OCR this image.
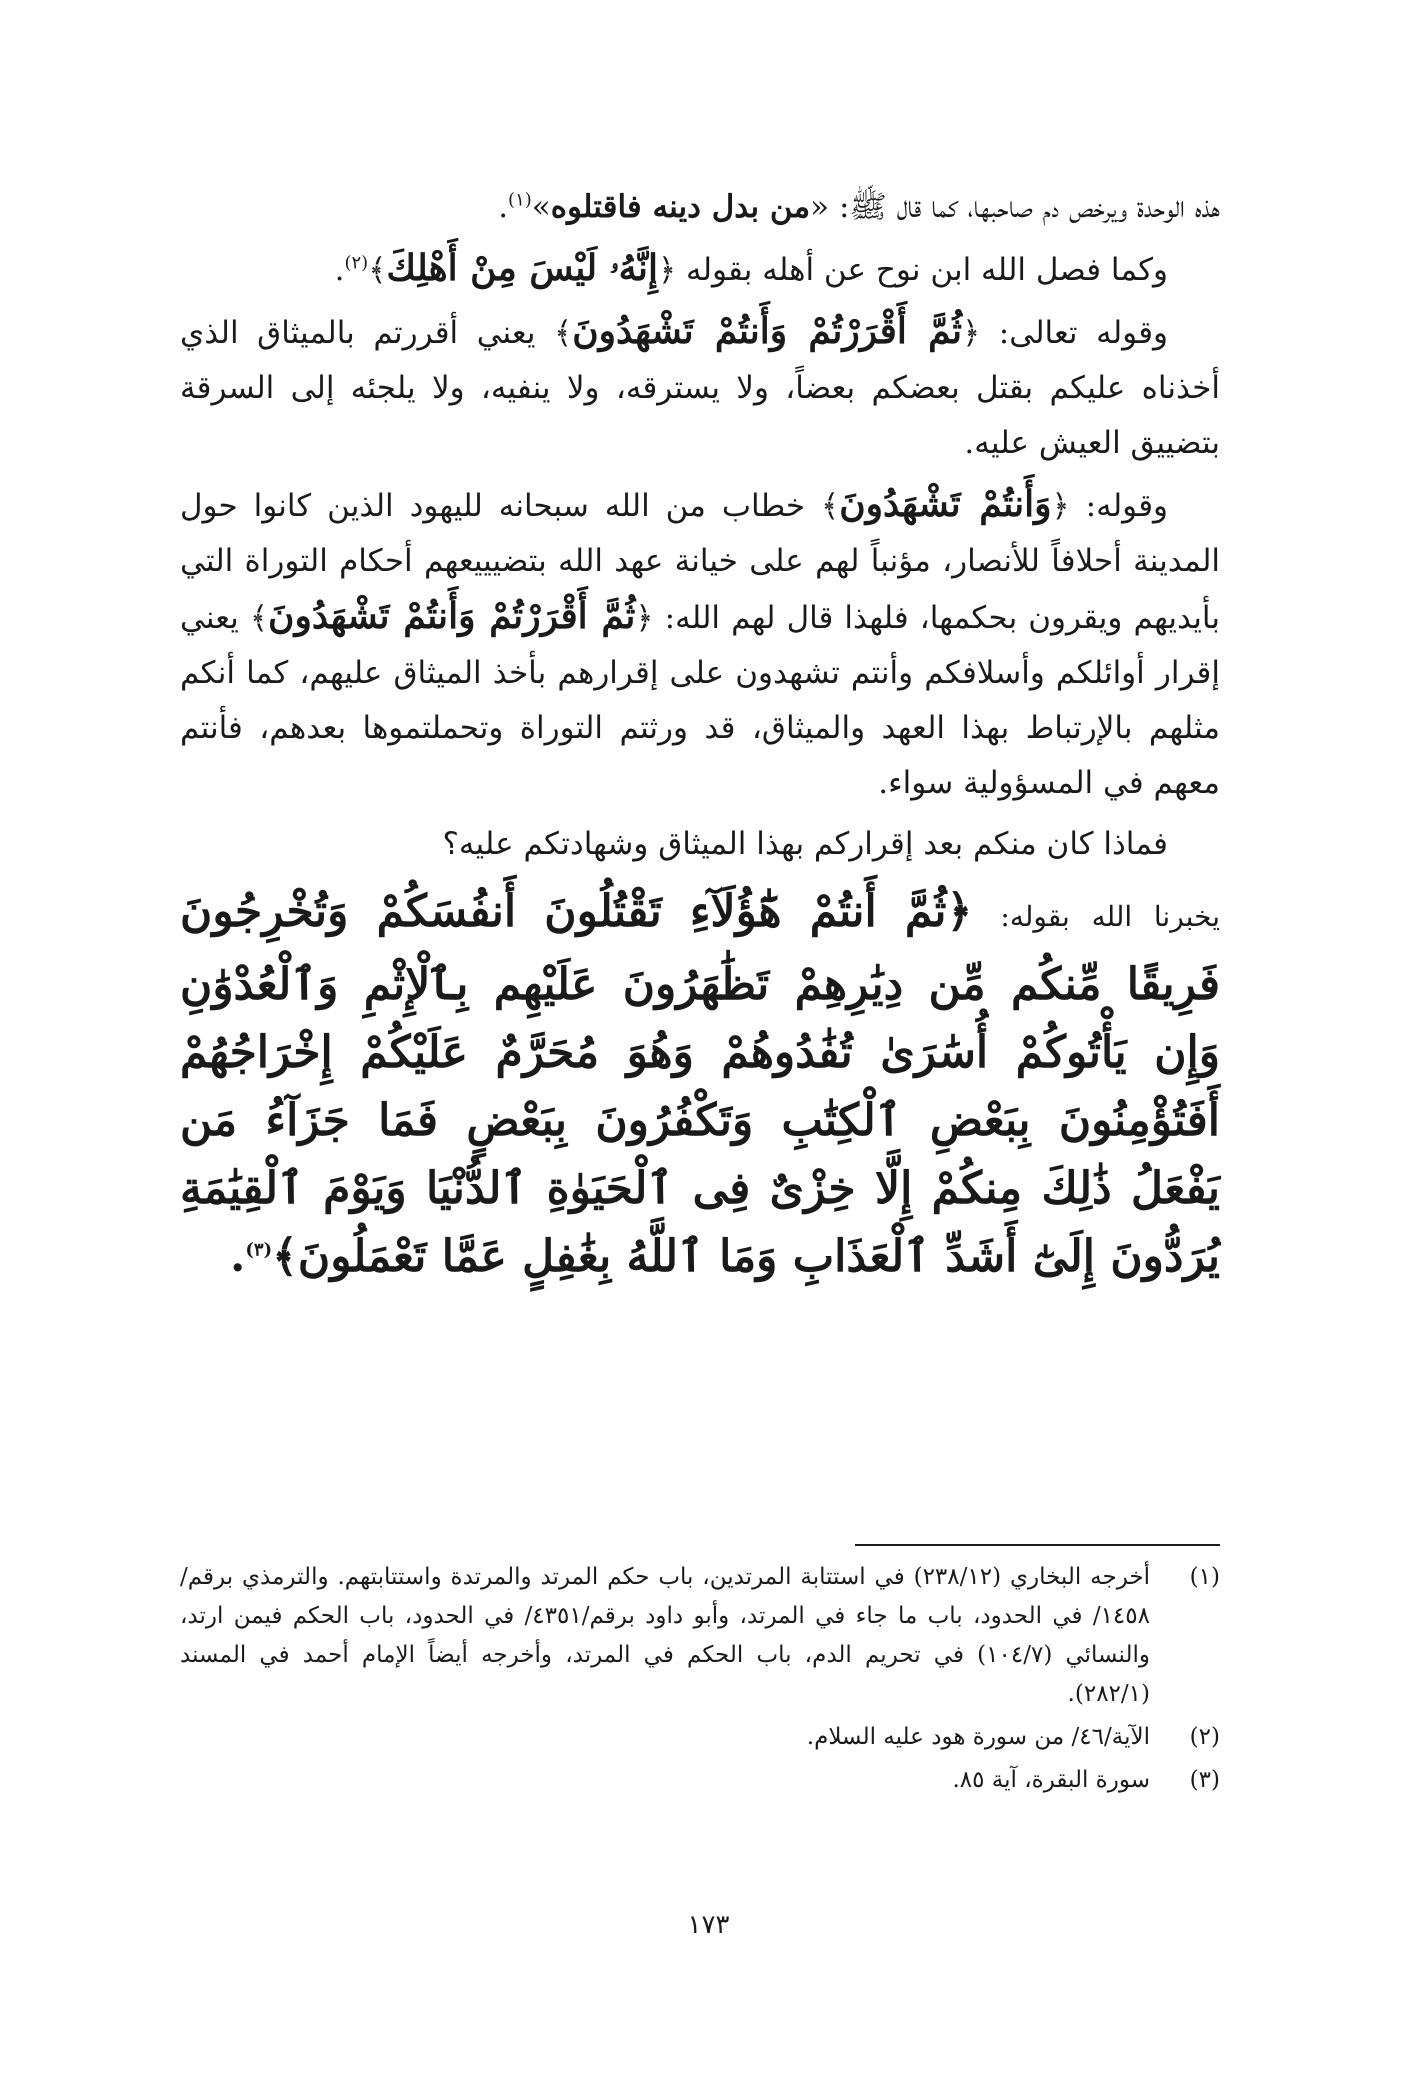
هذه الوحدة ويرخص دم صاحبها، كما قال ﷺ: «من بدل دينه فاقتلوه»$^{(١)}$.

وكما فصل الله ابن نوح عن أهله بقوله ﴿إِنَّهُۥ لَيْسَ مِنْ أَهْلِكَ﴾$^{(٢)}$.

وقوله تعالى: ﴿ثُمَّ أَقْرَرْتُمْ وَأَنتُمْ تَشْهَدُونَ﴾ يعني أقررتم بالميثاق الذي أخذناه عليكم بقتل بعضكم بعضاً، ولا يسترقه، ولا ينفيه، ولا يلجئه إلى السرقة بتضييق العيش عليه.

وقوله: ﴿وَأَنتُمْ تَشْهَدُونَ﴾ خطاب من الله سبحانه لليهود الذين كانوا حول المدينة أحلافاً للأنصار، مؤنباً لهم على خيانة عهد الله بتضيييعهم أحكام التوراة التي بأيديهم ويقرون بحكمها، فلهذا قال لهم الله: ﴿ثُمَّ أَقْرَرْتُمْ وَأَنتُمْ تَشْهَدُونَ﴾ يعني إقرار أوائلكم وأسلافكم وأنتم تشهدون على إقرارهم بأخذ الميثاق عليهم، كما أنكم مثلهم بالإرتباط بهذا العهد والميثاق، قد ورثتم التوراة وتحملتموها بعدهم، فأنتم معهم في المسؤولية سواء.

فماذا كان منكم بعد إقراركم بهذا الميثاق وشهادتكم عليه؟

يخبرنا الله بقوله: ﴿ثُمَّ أَنتُمْ هَٰٓؤُلَآءِ تَقْتُلُونَ أَنفُسَكُمْ وَتُخْرِجُونَ فَرِيقًا مِّنكُم مِّن دِيَٰرِهِمْ تَظَٰهَرُونَ عَلَيْهِم بِٱلْإِثْمِ وَٱلْعُدْوَٰنِ وَإِن يَأْتُوكُمْ أُسَٰرَىٰ تُفَٰدُوهُمْ وَهُوَ مُحَرَّمٌ عَلَيْكُمْ إِخْرَاجُهُمْ أَفَتُؤْمِنُونَ بِبَعْضِ ٱلْكِتَٰبِ وَتَكْفُرُونَ بِبَعْضٍ فَمَا جَزَآءُ مَن يَفْعَلُ ذَٰلِكَ مِنكُمْ إِلَّا خِزْىٌ فِى ٱلْحَيَوٰةِ ٱلدُّنْيَا وَيَوْمَ ٱلْقِيَٰمَةِ يُرَدُّونَ إِلَىٰٓ أَشَدِّ ٱلْعَذَابِ وَمَا ٱللَّهُ بِغَٰفِلٍ عَمَّا تَعْمَلُونَ﴾$^{(٣)}$.

(١)
أخرجه البخاري (٢٣٨/١٢) في استتابة المرتدين، باب حكم المرتد والمرتدة واستتابتهم. والترمذي برقم/١٤٥٨/ في الحدود، باب ما جاء في المرتد، وأبو داود برقم/٤٣٥١/ في الحدود، باب الحكم فيمن ارتد، والنسائي (١٠٤/٧) في تحريم الدم، باب الحكم في المرتد، وأخرجه أيضاً الإمام أحمد في المسند (٢٨٢/١).
(٢)
الآية/٤٦/ من سورة هود عليه السلام.
(٣)
سورة البقرة، آية ٨٥.
١٧٣
